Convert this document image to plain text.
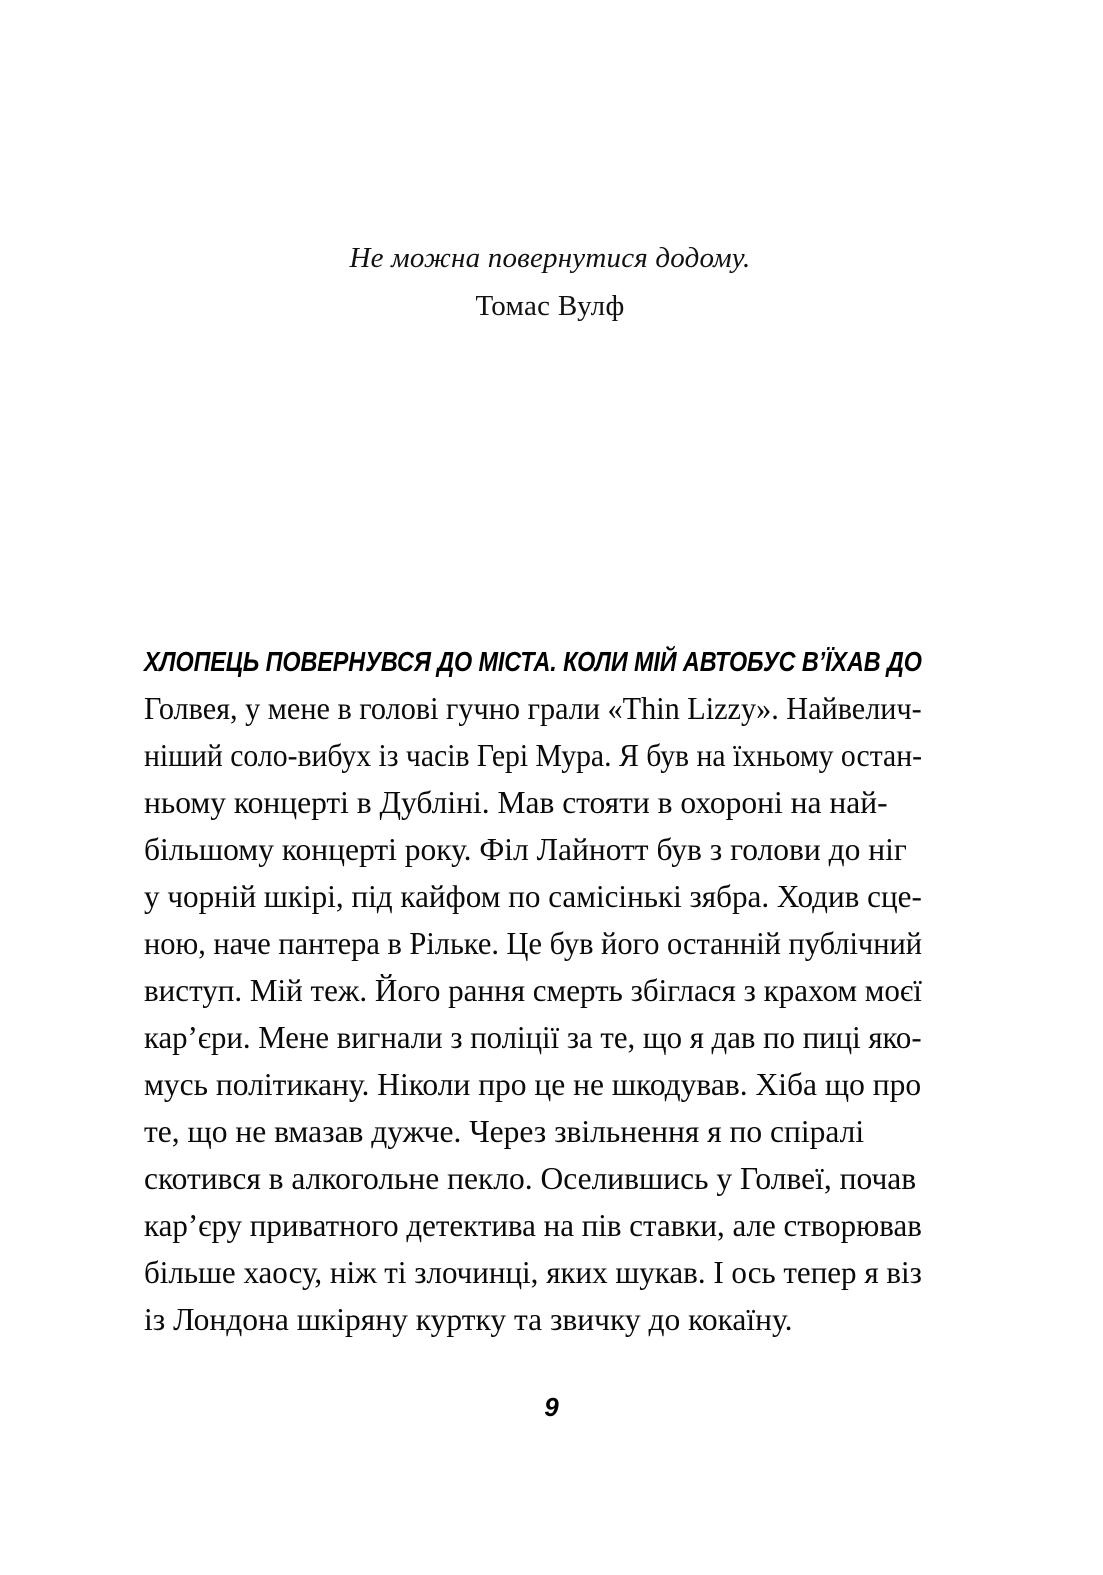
Не можна повернутися додому.
Томас Вулф
ХЛОПЕЦЬ ПОВЕРНУВСЯ ДО МІСТА. КОЛИ МІЙ АВТОБУС В’ЇХАВ ДО
Голвея, у мене в голові гучно грали «Thin Lizzy». Найвелич-
ніший соло-вибух із часів Гері Мура. Я був на їхньому остан-
ньому концерті в Дубліні. Мав стояти в охороні на най-
більшому концерті року. Філ Лайнотт був з голови до ніг
у чорній шкірі, під кайфом по самісінькі зябра. Ходив сце-
ною, наче пантера в Рільке. Це був його останній публічний
виступ. Мій теж. Його рання смерть збіглася з крахом моєї
кар’єри. Мене вигнали з поліції за те, що я дав по пиці яко-
мусь політикану. Ніколи про це не шкодував. Хіба що про
те, що не вмазав дужче. Через звільнення я по спіралі
скотився в алкогольне пекло. Оселившись у Голвеї, почав
кар’єру приватного детектива на пів ставки, але створював
більше хаосу, ніж ті злочинці, яких шукав. І ось тепер я віз
із Лондона шкіряну куртку та звичку до кокаїну.
9
